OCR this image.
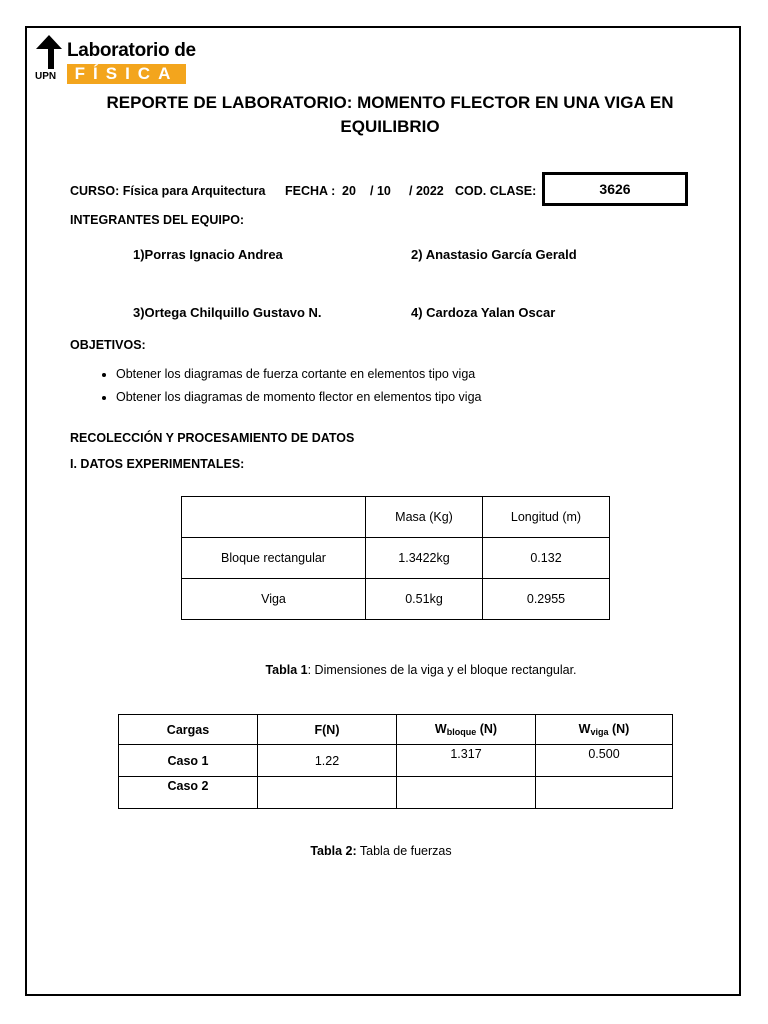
UPN
Laboratorio de
FÍSICA
REPORTE DE LABORATORIO: MOMENTO FLECTOR EN UNA VIGA EN EQUILIBRIO
CURSO: Física para Arquitectura FECHA : 20 / 10 / 2022 COD. CLASE:	3626
INTEGRANTES DEL EQUIPO:
1)Porras Ignacio Andrea	2) Anastasio García Gerald
3)Ortega Chilquillo Gustavo N.	4) Cardoza Yalan Oscar
OBJETIVOS:
• Obtener los diagramas de fuerza cortante en elementos tipo viga
• Obtener los diagramas de momento flector en elementos tipo viga
RECOLECCIÓN Y PROCESAMIENTO DE DATOS
I. DATOS EXPERIMENTALES:
	Masa (Kg)	Longitud (m)
Bloque rectangular	1.3422kg	0.132
Viga	0.51kg	0.2955
Tabla 1: Dimensiones de la viga y el bloque rectangular.
Cargas	F(N)	$W_{bloque}$ (N)	$W_{viga}$ (N)
Caso 1	1.22	1.317	0.500
Caso 2			
Tabla 2: Tabla de fuerzas
